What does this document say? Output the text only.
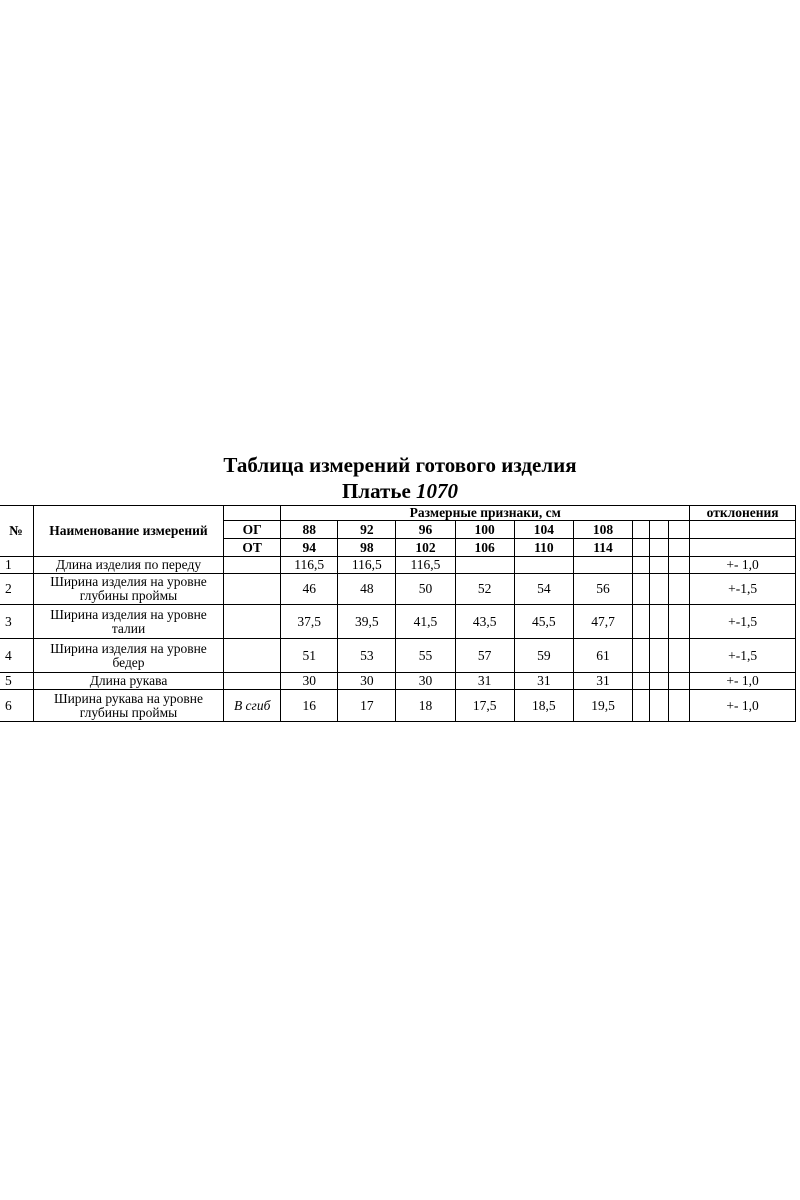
Таблица измерений готового изделия

Платье 1070

№	Наименование измерений		Размерные признаки, см									отклонения
		ОГ	88	92	96	100	104	108				
		ОТ	94	98	102	106	110	114				
1	Длина изделия по переду		116,5	116,5	116,5							+- 1,0
2	Ширина изделия на уровне глубины проймы		46	48	50	52	54	56				+-1,5
3	Ширина изделия на уровне талии		37,5	39,5	41,5	43,5	45,5	47,7				+-1,5
4	Ширина изделия на уровне бедер		51	53	55	57	59	61				+-1,5
5	Длина рукава		30	30	30	31	31	31				+- 1,0
6	Ширина рукава на уровне глубины проймы	В сгиб	16	17	18	17,5	18,5	19,5				+- 1,0
